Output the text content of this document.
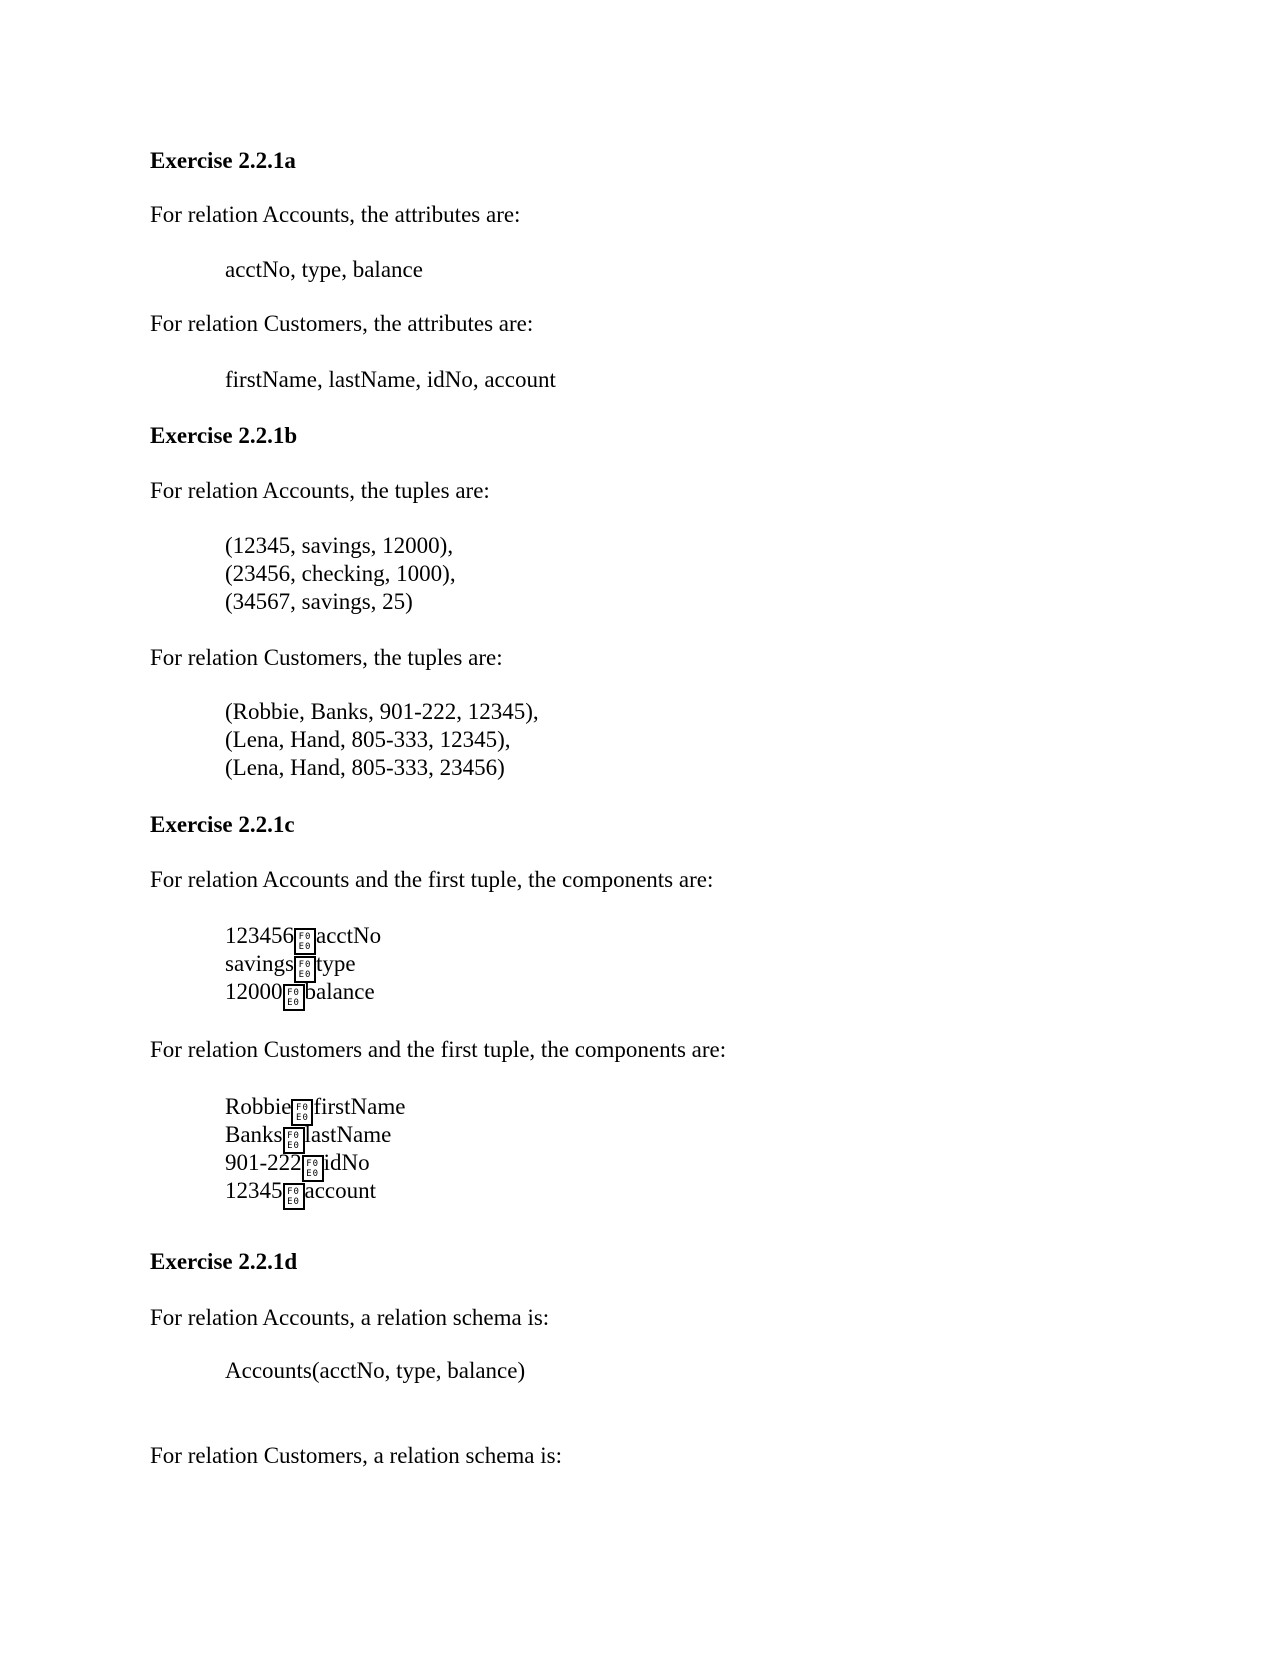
Exercise 2.2.1a
For relation Accounts, the attributes are:
acctNo, type, balance
For relation Customers, the attributes are:
firstName, lastName, idNo, account
Exercise 2.2.1b
For relation Accounts, the tuples are:
(12345, savings, 12000),
(23456, checking, 1000),
(34567, savings, 25)
For relation Customers, the tuples are:
(Robbie, Banks, 901-222, 12345),
(Lena, Hand, 805-333, 12345),
(Lena, Hand, 805-333, 23456)
Exercise 2.2.1c
For relation Accounts and the first tuple, the components are:
123456 F0
E0 acctNo
savings F0
E0 type
12000 F0
E0 balance
For relation Customers and the first tuple, the components are:
Robbie F0
E0 firstName
Banks F0
E0 lastName
901-222 F0
E0 idNo
12345 F0
E0 account
Exercise 2.2.1d
For relation Accounts, a relation schema is:
Accounts(acctNo, type, balance)
For relation Customers, a relation schema is:
